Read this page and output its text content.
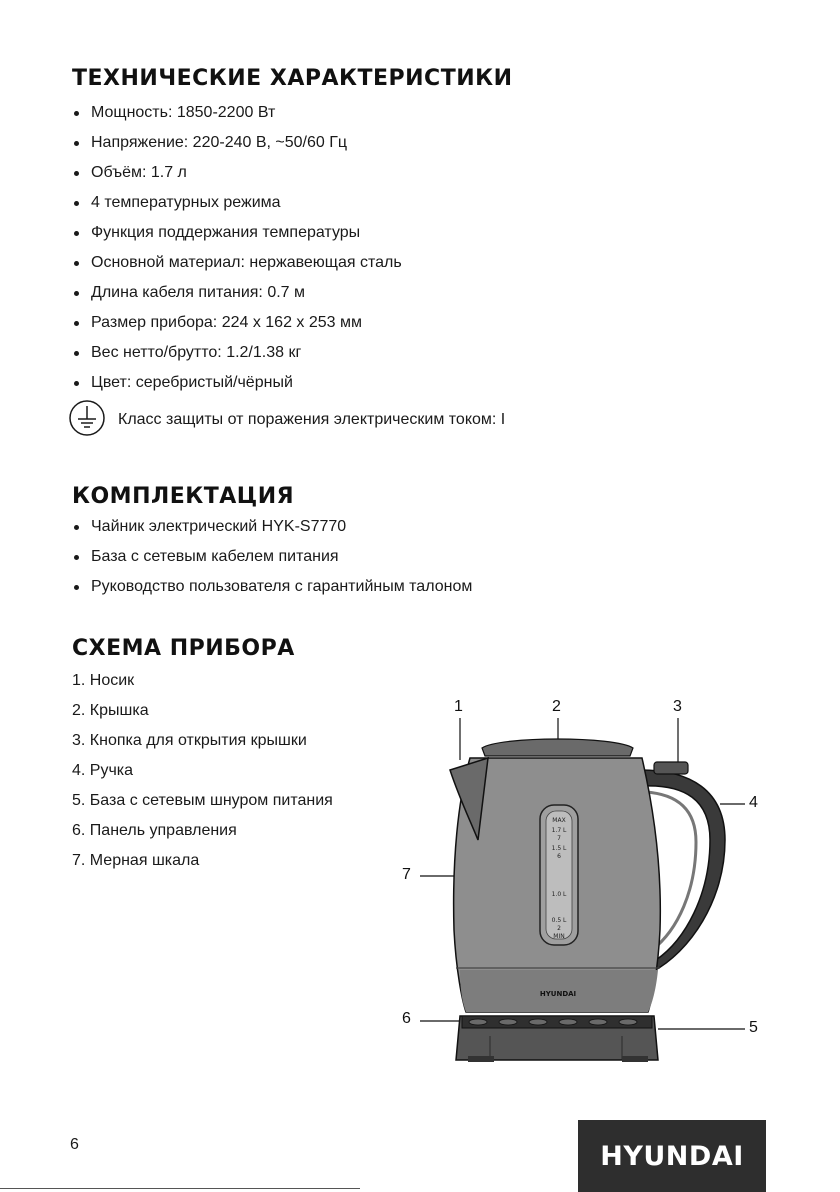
ТЕХНИЧЕСКИЕ ХАРАКТЕРИСТИКИ
Мощность: 1850-2200 Вт
Напряжение: 220-240 В, ~50/60 Гц
Объём: 1.7 л
4 температурных режима
Функция поддержания температуры
Основной материал: нержавеющая сталь
Длина кабеля питания: 0.7 м
Размер прибора: 224 x 162 x 253 мм
Вес нетто/брутто: 1.2/1.38 кг
Цвет: серебристый/чёрный
Класс защиты от поражения электрическим током: I
КОМПЛЕКТАЦИЯ
Чайник электрический HYK-S7770
База с сетевым кабелем питания
Руководство пользователя с гарантийным талоном
СХЕМА ПРИБОРА
1. Носик
2. Крышка
3. Кнопка для открытия крышки
4. Ручка
5. База с сетевым шнуром питания
6. Панель управления
7. Мерная шкала
MAX
1.7 L
7
1.5 L
6
1.0 L
0.5 L
2
MIN
HYUNDAI
1	2	3
4
5
6
7
6	HYUNDAI
